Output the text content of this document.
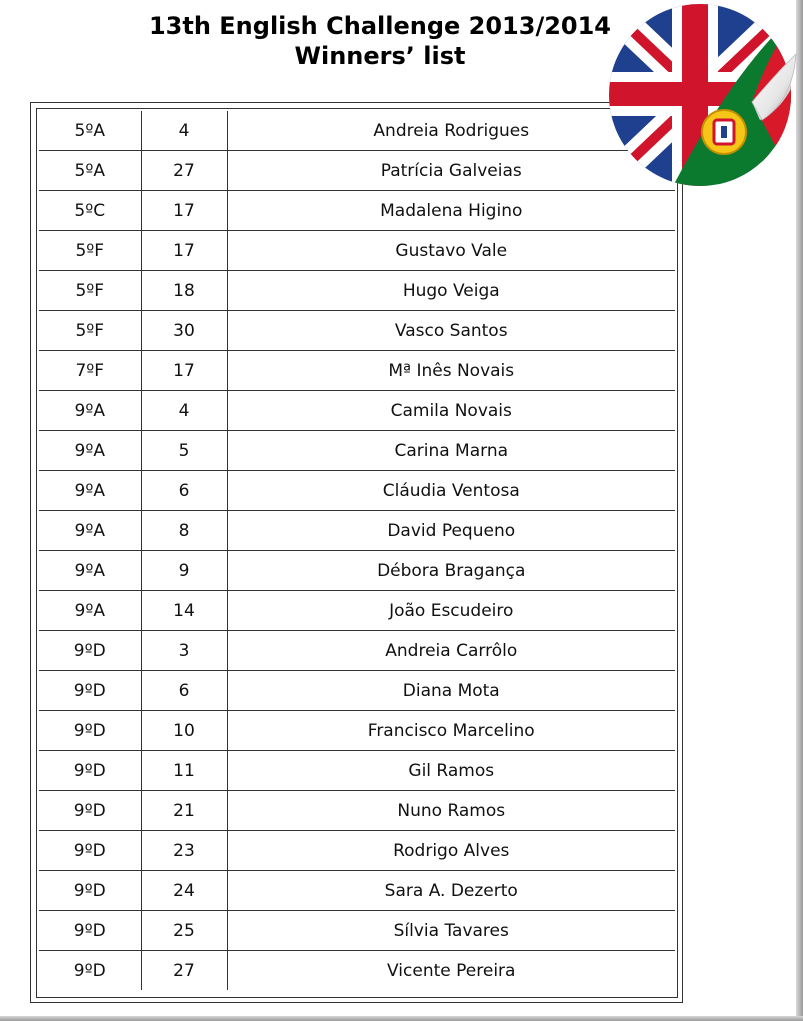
13th English Challenge 2013/2014
Winners’ list
5ºA	4	Andreia Rodrigues
5ºA	27	Patrícia Galveias
5ºC	17	Madalena Higino
5ºF	17	Gustavo Vale
5ºF	18	Hugo Veiga
5ºF	30	Vasco Santos
7ºF	17	Mª Inês Novais
9ºA	4	Camila Novais
9ºA	5	Carina Marna
9ºA	6	Cláudia Ventosa
9ºA	8	David Pequeno
9ºA	9	Débora Bragança
9ºA	14	João Escudeiro
9ºD	3	Andreia Carrôlo
9ºD	6	Diana Mota
9ºD	10	Francisco Marcelino
9ºD	11	Gil Ramos
9ºD	21	Nuno Ramos
9ºD	23	Rodrigo Alves
9ºD	24	Sara A. Dezerto
9ºD	25	Sílvia Tavares
9ºD	27	Vicente Pereira
